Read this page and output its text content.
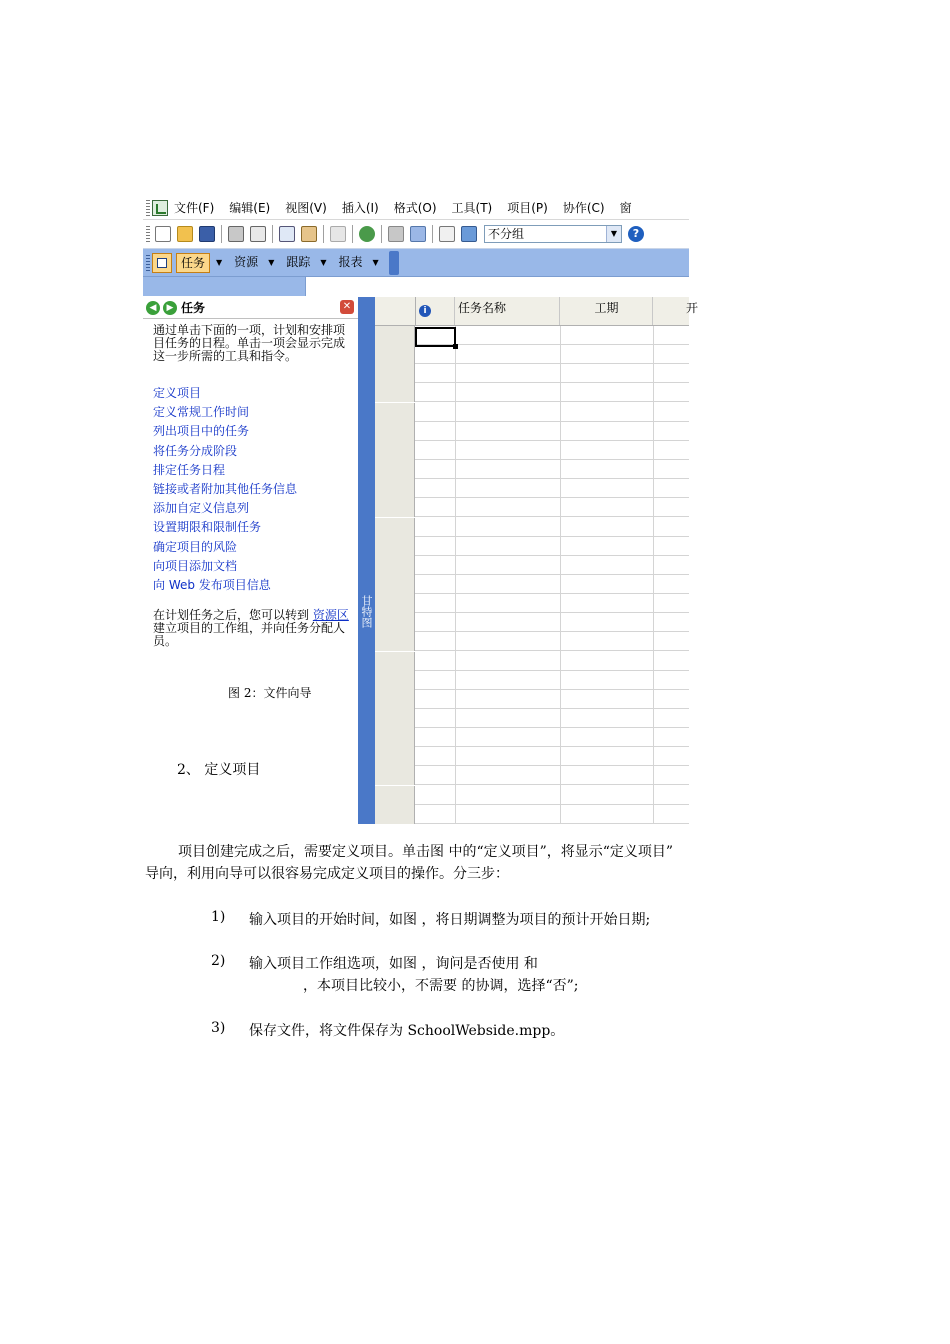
文件(F) 编辑(E) 视图(V) 插入(I) 格式(O) 工具(T) 项目(P) 协作(C) 窗
不分组	▼	?
任务	▼	资源	▼	跟踪	▼	报表	▼
◀	▶ 任务	✕
通过单击下面的一项，计划和安排项目任务的日程。单击一项会显示完成这一步所需的工具和指令。
定义项目
定义常规工作时间
列出项目中的任务
将任务分成阶段
排定任务日程
链接或者附加其他任务信息
添加自定义信息列
设置期限和限制任务
确定项目的风险
向项目添加文档
向 Web 发布项目信息
在计划任务之后，您可以转到 资源区 建立项目的工作组，并向任务分配人员。
图 2：文件向导
2、 定义项目
甘特图
i	任务名称	工期	开
项目创建完成之后，需要定义项目。单击图 中的“定义项目”，将显示“定义项目”
导向，利用向导可以很容易完成定义项目的操作。分三步：
1) 输入项目的开始时间，如图 ，将日期调整为项目的预计开始日期;
2) 输入项目工作组选项，如图 ，询问是否使用 和
，本项目比较小，不需要 的协调，选择“否”;
3) 保存文件，将文件保存为 SchoolWebside.mpp。
